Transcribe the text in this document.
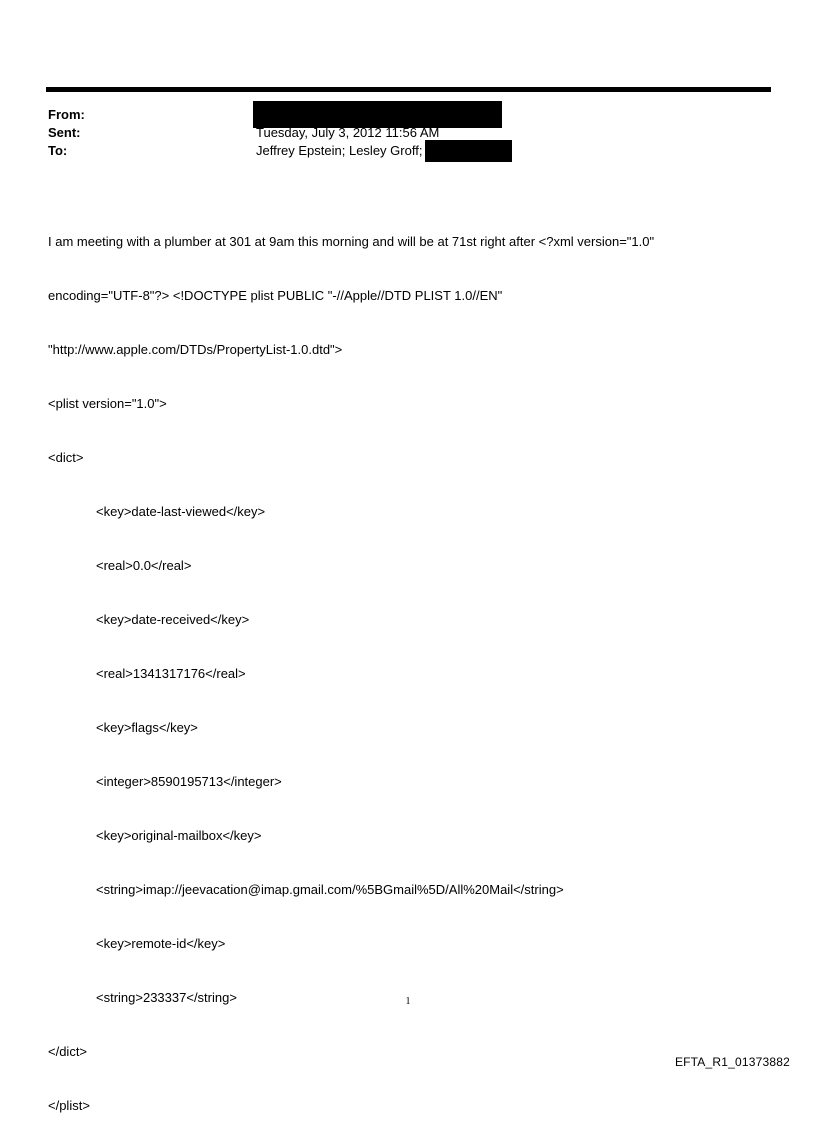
From:
Sent:	Tuesday, July 3, 2012 11:56 AM
To:	Jeffrey Epstein; Lesley Groff;

I am meeting with a plumber at 301 at 9am this morning and will be at 71st right after <?xml version="1.0"

encoding="UTF-8"?> <!DOCTYPE plist PUBLIC "-//Apple//DTD PLIST 1.0//EN"

"http://www.apple.com/DTDs/PropertyList-1.0.dtd">

<plist version="1.0">

<dict>

<key>date-last-viewed</key>

<real>0.0</real>

<key>date-received</key>

<real>1341317176</real>

<key>flags</key>

<integer>8590195713</integer>

<key>original-mailbox</key>

<string>imap://jeevacation@imap.gmail.com/%5BGmail%5D/All%20Mail</string>

<key>remote-id</key>

<string>233337</string>

</dict>

</plist>

1
EFTA_R1_01373882
